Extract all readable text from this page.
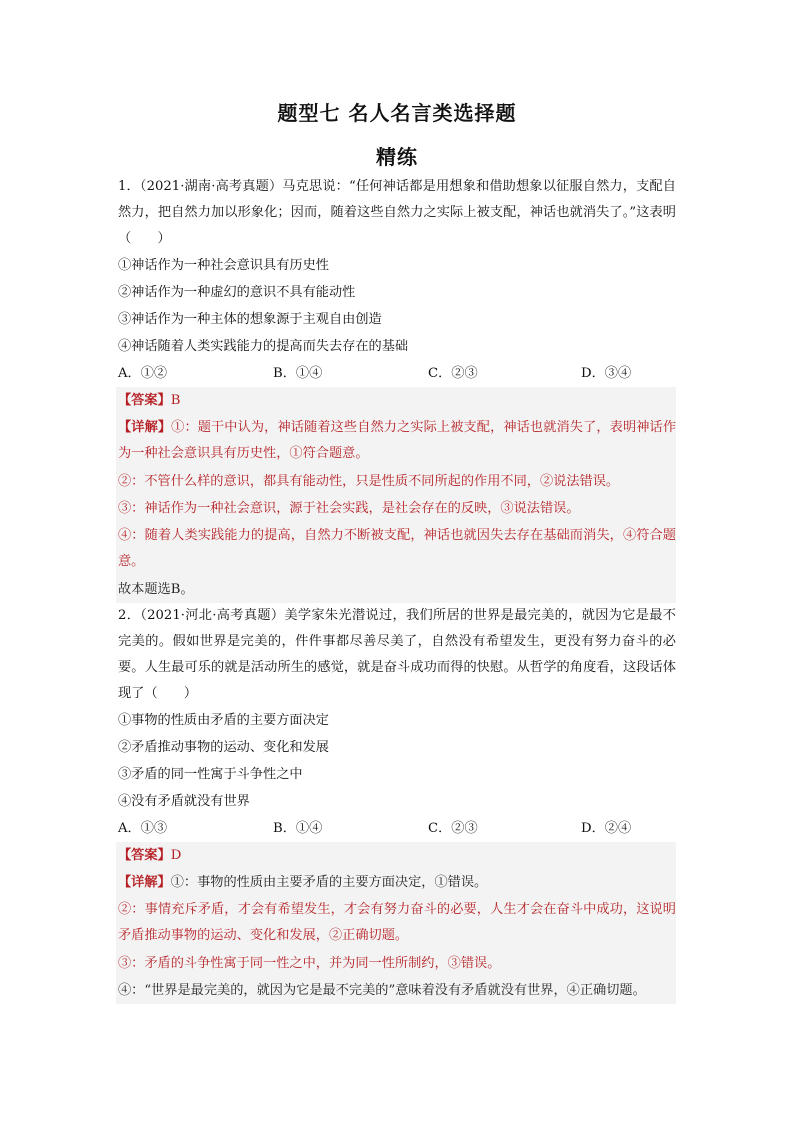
题型七 名人名言类选择题
精练

1．（2021·湖南·高考真题）马克思说：“任何神话都是用想象和借助想象以征服自然力，支配自然力，把自然力加以形象化；因而，随着这些自然力之实际上被支配，神话也就消失了。”这表明（　　）

①神话作为一种社会意识具有历史性

②神话作为一种虚幻的意识不具有能动性

③神话作为一种主体的想象源于主观自由创造

④神话随着人类实践能力的提高而失去存在的基础

A．①②	B．①④	C．②③	D．③④

【答案】B

【详解】①：题干中认为，神话随着这些自然力之实际上被支配，神话也就消失了，表明神话作为一种社会意识具有历史性，①符合题意。

②：不管什么样的意识，都具有能动性，只是性质不同所起的作用不同，②说法错误。

③：神话作为一种社会意识，源于社会实践，是社会存在的反映，③说法错误。

④：随着人类实践能力的提高，自然力不断被支配，神话也就因失去存在基础而消失，④符合题意。

故本题选B。

2．（2021·河北·高考真题）美学家朱光潜说过，我们所居的世界是最完美的，就因为它是最不完美的。假如世界是完美的，件件事都尽善尽美了，自然没有希望发生，更没有努力奋斗的必要。人生最可乐的就是活动所生的感觉，就是奋斗成功而得的快慰。从哲学的角度看，这段话体现了（　　）

①事物的性质由矛盾的主要方面决定

②矛盾推动事物的运动、变化和发展

③矛盾的同一性寓于斗争性之中

④没有矛盾就没有世界

A．①③	B．①④	C．②③	D．②④

【答案】D

【详解】①：事物的性质由主要矛盾的主要方面决定，①错误。

②：事情充斥矛盾，才会有希望发生，才会有努力奋斗的必要，人生才会在奋斗中成功，这说明矛盾推动事物的运动、变化和发展，②正确切题。

③：矛盾的斗争性寓于同一性之中，并为同一性所制约，③错误。

④：“世界是最完美的，就因为它是最不完美的”意味着没有矛盾就没有世界，④正确切题。
